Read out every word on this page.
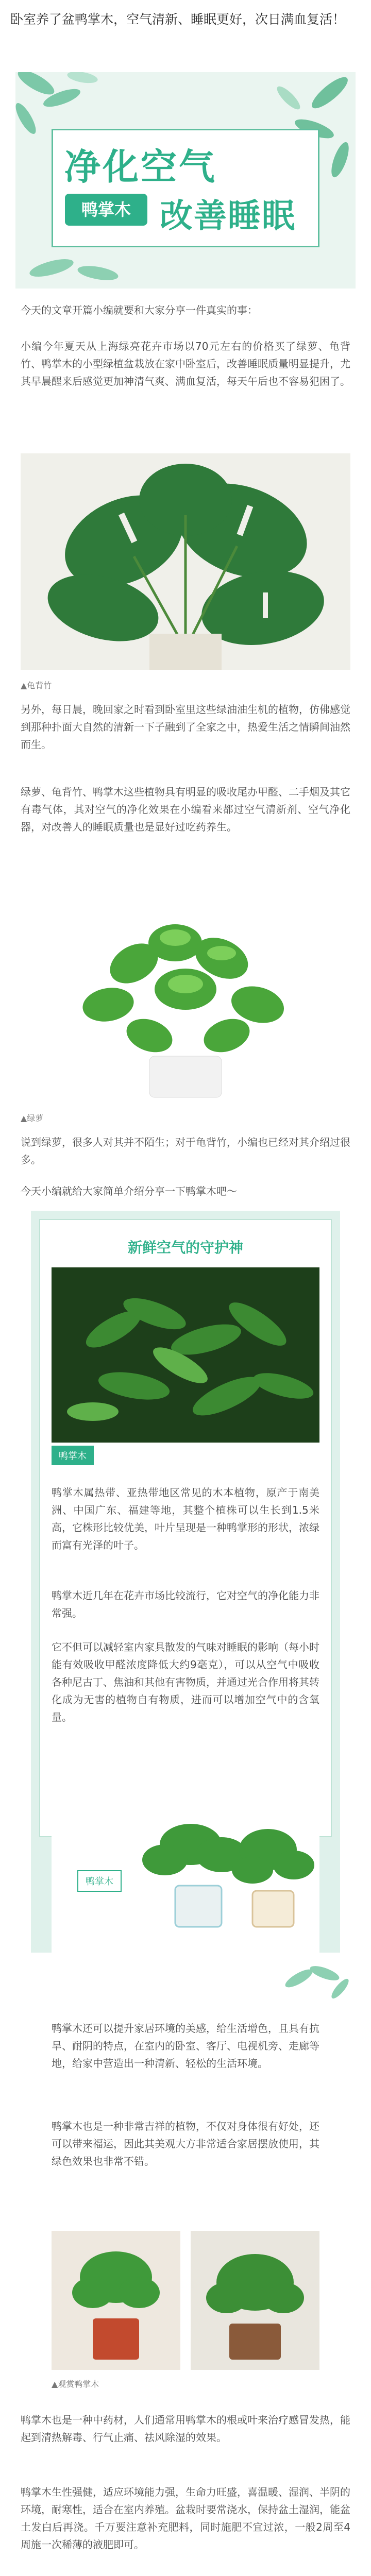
卧室养了盆鸭掌木，空气清新、睡眠更好，次日满血复活！
净化空气
鸭掌木 改善睡眠
今天的文章开篇小编就要和大家分享一件真实的事：
小编今年夏天从上海绿亮花卉市场以70元左右的价格买了绿萝、龟背竹、鸭掌木的小型绿植盆栽放在家中卧室后，改善睡眠质量明显提升，尤其早晨醒来后感觉更加神清气爽、满血复活，每天午后也不容易犯困了。
▲龟背竹
另外，每日晨，晚回家之时看到卧室里这些绿油油生机的植物，仿佛感觉到那种扑面大自然的清新一下子融到了全家之中，热爱生活之情瞬间油然而生。
绿萝、龟背竹、鸭掌木这些植物具有明显的吸收尾办甲醛、二手烟及其它有毒气体，其对空气的净化效果在小编看来都过空气清新剂、空气净化器，对改善人的睡眠质量也是显好过吃药养生。
▲绿萝
说到绿萝，很多人对其并不陌生；对于龟背竹，小编也已经对其介绍过很多。
今天小编就给大家简单介绍分享一下鸭掌木吧～
新鲜空气的守护神
鸭掌木
鸭掌木属热带、亚热带地区常见的木本植物，原产于南美洲、中国广东、福建等地，其整个植株可以生长到1.5米高，它株形比较优美，叶片呈现是一种鸭掌形的形状，浓绿而富有光泽的叶子。
鸭掌木近几年在花卉市场比较流行，它对空气的净化能力非常强。
它不但可以减轻室内家具散发的气味对睡眠的影响（每小时能有效吸收甲醛浓度降低大约9毫克），可以从空气中吸收各种尼古丁、焦油和其他有害物质，并通过光合作用将其转化成为无害的植物自有物质，进而可以增加空气中的含氧量。
鸭掌木
鸭掌木还可以提升家居环境的美感，给生活增色，且具有抗旱、耐阴的特点，在室内的卧室、客厅、电视机旁、走廊等地，给家中营造出一种清新、轻松的生活环境。
鸭掌木也是一种非常吉祥的植物，不仅对身体很有好处，还可以带来福运，因此其美观大方非常适合家居摆放使用，其绿色效果也非常不错。
▲观赏鸭掌木
鸭掌木也是一种中药材，人们通常用鸭掌木的根或叶来治疗感冒发热，能起到清热解毒、行气止痛、祛风除湿的效果。
鸭掌木生性强健，适应环境能力强，生命力旺盛，喜温暖、湿润、半阴的环境，耐寒性，适合在室内养殖。盆栽时要常浇水，保持盆土湿润，能盆土发白后再浇。千万要注意补充肥料，同时施肥不宜过浓，一般2周至4周施一次稀薄的液肥即可。
